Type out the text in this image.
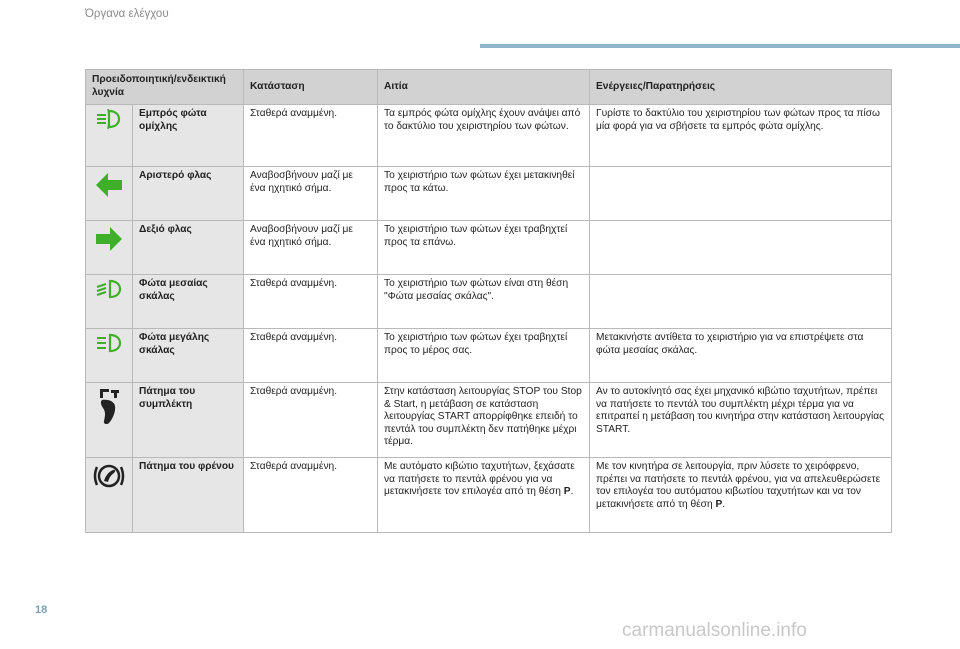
Όργανα ελέγχου
Προειδοποιητική/ενδεικτική λυχνία		Κατάσταση	Αιτία	Ενέργειες/Παρατηρήσεις

	Εμπρός φώτα ομίχλης	Σταθερά αναμμένη.	Τα εμπρός φώτα ομίχλης έχουν ανάψει από το δακτύλιο του χειριστηρίου των φώτων.	Γυρίστε το δακτύλιο του χειριστηρίου των φώτων προς τα πίσω μία φορά για να σβήσετε τα εμπρός φώτα ομίχλης.

	Αριστερό φλας	Αναβοσβήνουν μαζί με ένα ηχητικό σήμα.	Το χειριστήριο των φώτων έχει μετακινηθεί προς τα κάτω.	

	Δεξιό φλας	Αναβοσβήνουν μαζί με ένα ηχητικό σήμα.	Το χειριστήριο των φώτων έχει τραβηχτεί προς τα επάνω.	

	Φώτα μεσαίας σκάλας	Σταθερά αναμμένη.	Το χειριστήριο των φώτων είναι στη θέση "Φώτα μεσαίας σκάλας".	

	Φώτα μεγάλης σκάλας	Σταθερά αναμμένη.	Το χειριστήριο των φώτων έχει τραβηχτεί προς το μέρος σας.	Μετακινήστε αντίθετα το χειριστήριο για να επιστρέψετε στα φώτα μεσαίας σκάλας.

	Πάτημα του συμπλέκτη	Σταθερά αναμμένη.	Στην κατάσταση λειτουργίας STOP του Stop & Start, η μετάβαση σε κατάσταση λειτουργίας START απορρίφθηκε επειδή το πεντάλ του συμπλέκτη δεν πατήθηκε μέχρι τέρμα.	Αν το αυτοκίνητό σας έχει μηχανικό κιβώτιο ταχυτήτων, πρέπει να πατήσετε το πεντάλ του συμπλέκτη μέχρι τέρμα για να επιτραπεί η μετάβαση του κινητήρα στην κατάσταση λειτουργίας START.

	Πάτημα του φρένου	Σταθερά αναμμένη.	Με αυτόματο κιβώτιο ταχυτήτων, ξεχάσατε να πατήσετε το πεντάλ φρένου για να μετακινήσετε τον επιλογέα από τη θέση P.	Με τον κινητήρα σε λειτουργία, πριν λύσετε το χειρόφρενο, πρέπει να πατήσετε το πεντάλ φρένου, για να απελευθερώσετε τον επιλογέα του αυτόματου κιβωτίου ταχυτήτων και να τον μετακινήσετε από τη θέση P.
18
carmanualsonline.info
